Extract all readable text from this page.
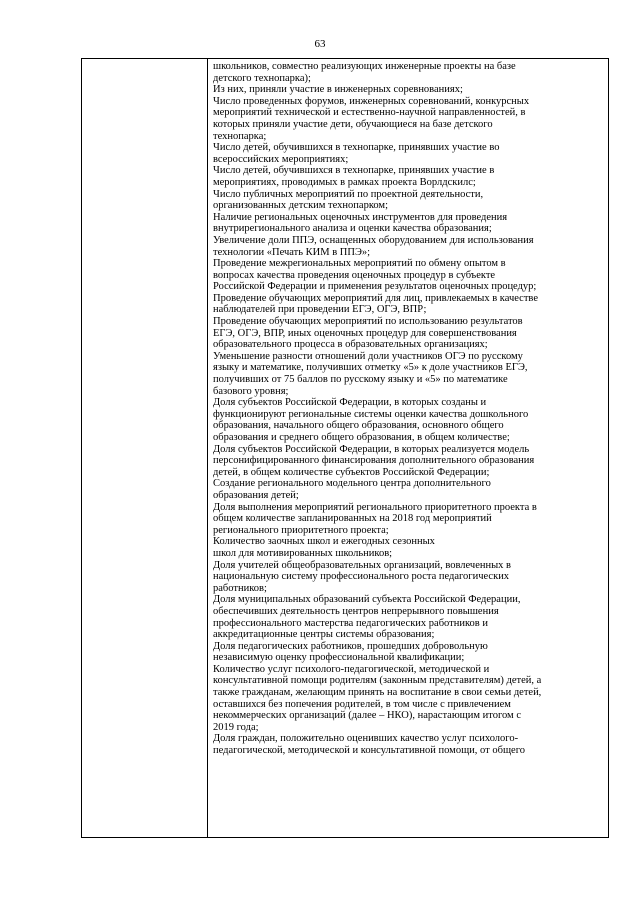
63
школьников, совместно реализующих инженерные проекты на базе
детского технопарка);
Из них, приняли участие в инженерных соревнованиях;
Число проведенных форумов, инженерных соревнований, конкурсных
мероприятий технической и естественно-научной направленностей, в
которых приняли участие дети, обучающиеся на базе детского
технопарка;
Число детей, обучившихся в технопарке, принявших участие во
всероссийских мероприятиях;
Число детей, обучившихся в технопарке, принявших участие в
мероприятиях, проводимых в рамках проекта Ворлдскилс;
Число публичных мероприятий по проектной деятельности,
организованных детским технопарком;
Наличие региональных оценочных инструментов для проведения
внутрирегионального анализа и оценки качества образования;
Увеличение доли ППЭ, оснащенных оборудованием для использования
технологии «Печать КИМ в ППЭ»;
Проведение межрегиональных мероприятий по обмену опытом в
вопросах качества проведения оценочных процедур в субъекте
Российской Федерации и применения результатов оценочных процедур;
Проведение обучающих мероприятий для лиц, привлекаемых в качестве
наблюдателей при проведении ЕГЭ, ОГЭ, ВПР;
Проведение обучающих мероприятий по использованию результатов
ЕГЭ, ОГЭ, ВПР, иных оценочных процедур для совершенствования
образовательного процесса в образовательных организациях;
Уменьшение разности отношений доли участников ОГЭ по русскому
языку и математике, получивших отметку «5» к доле участников ЕГЭ,
получивших от 75 баллов по русскому языку и «5» по математике
базового уровня;
Доля субъектов Российской Федерации, в которых созданы и
функционируют региональные системы оценки качества дошкольного
образования, начального общего образования, основного общего
образования и среднего общего образования, в общем количестве;
Доля субъектов Российской Федерации, в которых реализуется модель
персонифицированного финансирования дополнительного образования
детей, в общем количестве субъектов Российской Федерации;
Создание регионального модельного центра дополнительного
образования детей;
Доля выполнения мероприятий регионального приоритетного проекта в
общем количестве запланированных на 2018 год мероприятий
регионального приоритетного проекта;
Количество заочных школ и ежегодных сезонных
школ для мотивированных школьников;
Доля учителей общеобразовательных организаций, вовлеченных в
национальную систему профессионального роста педагогических
работников;
Доля муниципальных образований субъекта Российской Федерации,
обеспечивших деятельность центров непрерывного повышения
профессионального мастерства педагогических работников и
аккредитационные центры системы образования;
Доля педагогических работников, прошедших добровольную
независимую оценку профессиональной квалификации;
Количество услуг психолого-педагогической, методической и
консультативной помощи родителям (законным представителям) детей, а
также гражданам, желающим принять на воспитание в свои семьи детей,
оставшихся без попечения родителей, в том числе с привлечением
некоммерческих организаций (далее – НКО), нарастающим итогом с
2019 года;
Доля граждан, положительно оценивших качество услуг психолого-
педагогической, методической и консультативной помощи, от общего
